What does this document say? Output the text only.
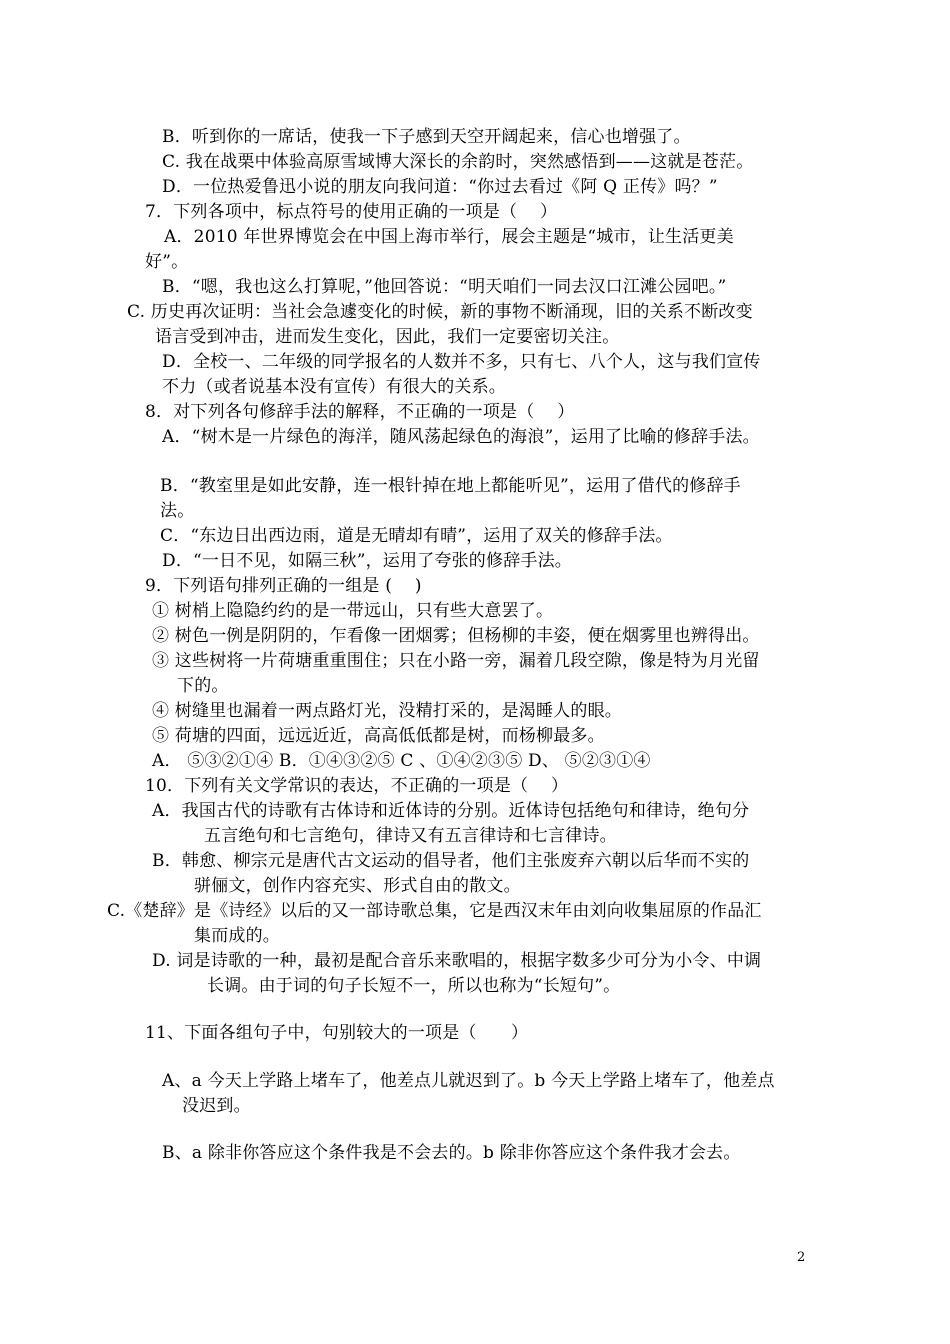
B．听到你的一席话，使我一下子感到天空开阔起来，信心也增强了。
C. 我在战栗中体验高原雪域博大深长的余韵时，突然感悟到——这就是苍茫。
D．一位热爱鲁迅小说的朋友向我问道：“你过去看过《阿 Q 正传》吗？”
7．下列各项中，标点符号的使用正确的一项是（　 ）
A．2010 年世界博览会在中国上海市举行，展会主题是“城市，让生活更美
好”。
B．“嗯，我也这么打算呢，”他回答说：“明天咱们一同去汉口江滩公园吧。”
C. 历史再次证明：当社会急遽变化的时候，新的事物不断涌现，旧的关系不断改变
语言受到冲击，进而发生变化，因此，我们一定要密切关注。
D．全校一、二年级的同学报名的人数并不多，只有七、八个人，这与我们宣传
不力（或者说基本没有宣传）有很大的关系。
8．对下列各句修辞手法的解释，不正确的一项是（　 ）
A．“树木是一片绿色的海洋，随风荡起绿色的海浪”，运用了比喻的修辞手法。
B．“教室里是如此安静，连一根针掉在地上都能听见”，运用了借代的修辞手
法。
C．“东边日出西边雨，道是无晴却有晴”，运用了双关的修辞手法。
D．“一日不见，如隔三秋”，运用了夸张的修辞手法。
9．下列语句排列正确的一组是 (　 )
① 树梢上隐隐约约的是一带远山，只有些大意罢了。
② 树色一例是阴阴的，乍看像一团烟雾；但杨柳的丰姿，便在烟雾里也辨得出。
③ 这些树将一片荷塘重重围住；只在小路一旁，漏着几段空隙，像是特为月光留
下的。
④ 树缝里也漏着一两点路灯光，没精打采的，是渴睡人的眼。
⑤ 荷塘的四面，远远近近，高高低低都是树，而杨柳最多。
A． ⑤③②①④ B．①④③②⑤ C 、①④②③⑤ D、 ⑤②③①④
10．下列有关文学常识的表达，不正确的一项是（　 ）
A．我国古代的诗歌有古体诗和近体诗的分别。近体诗包括绝句和律诗，绝句分
五言绝句和七言绝句，律诗又有五言律诗和七言律诗。
B．韩愈、柳宗元是唐代古文运动的倡导者，他们主张废弃六朝以后华而不实的
骈俪文，创作内容充实、形式自由的散文。
C.《楚辞》是《诗经》以后的又一部诗歌总集，它是西汉末年由刘向收集屈原的作品汇
集而成的。
D. 词是诗歌的一种，最初是配合音乐来歌唱的，根据字数多少可分为小令、中调
长调。由于词的句子长短不一，所以也称为“长短句”。
11、下面各组句子中，句别较大的一项是（　　）
A、a 今天上学路上堵车了，他差点儿就迟到了。b 今天上学路上堵车了，他差点
没迟到。
B、a 除非你答应这个条件我是不会去的。b 除非你答应这个条件我才会去。
2
